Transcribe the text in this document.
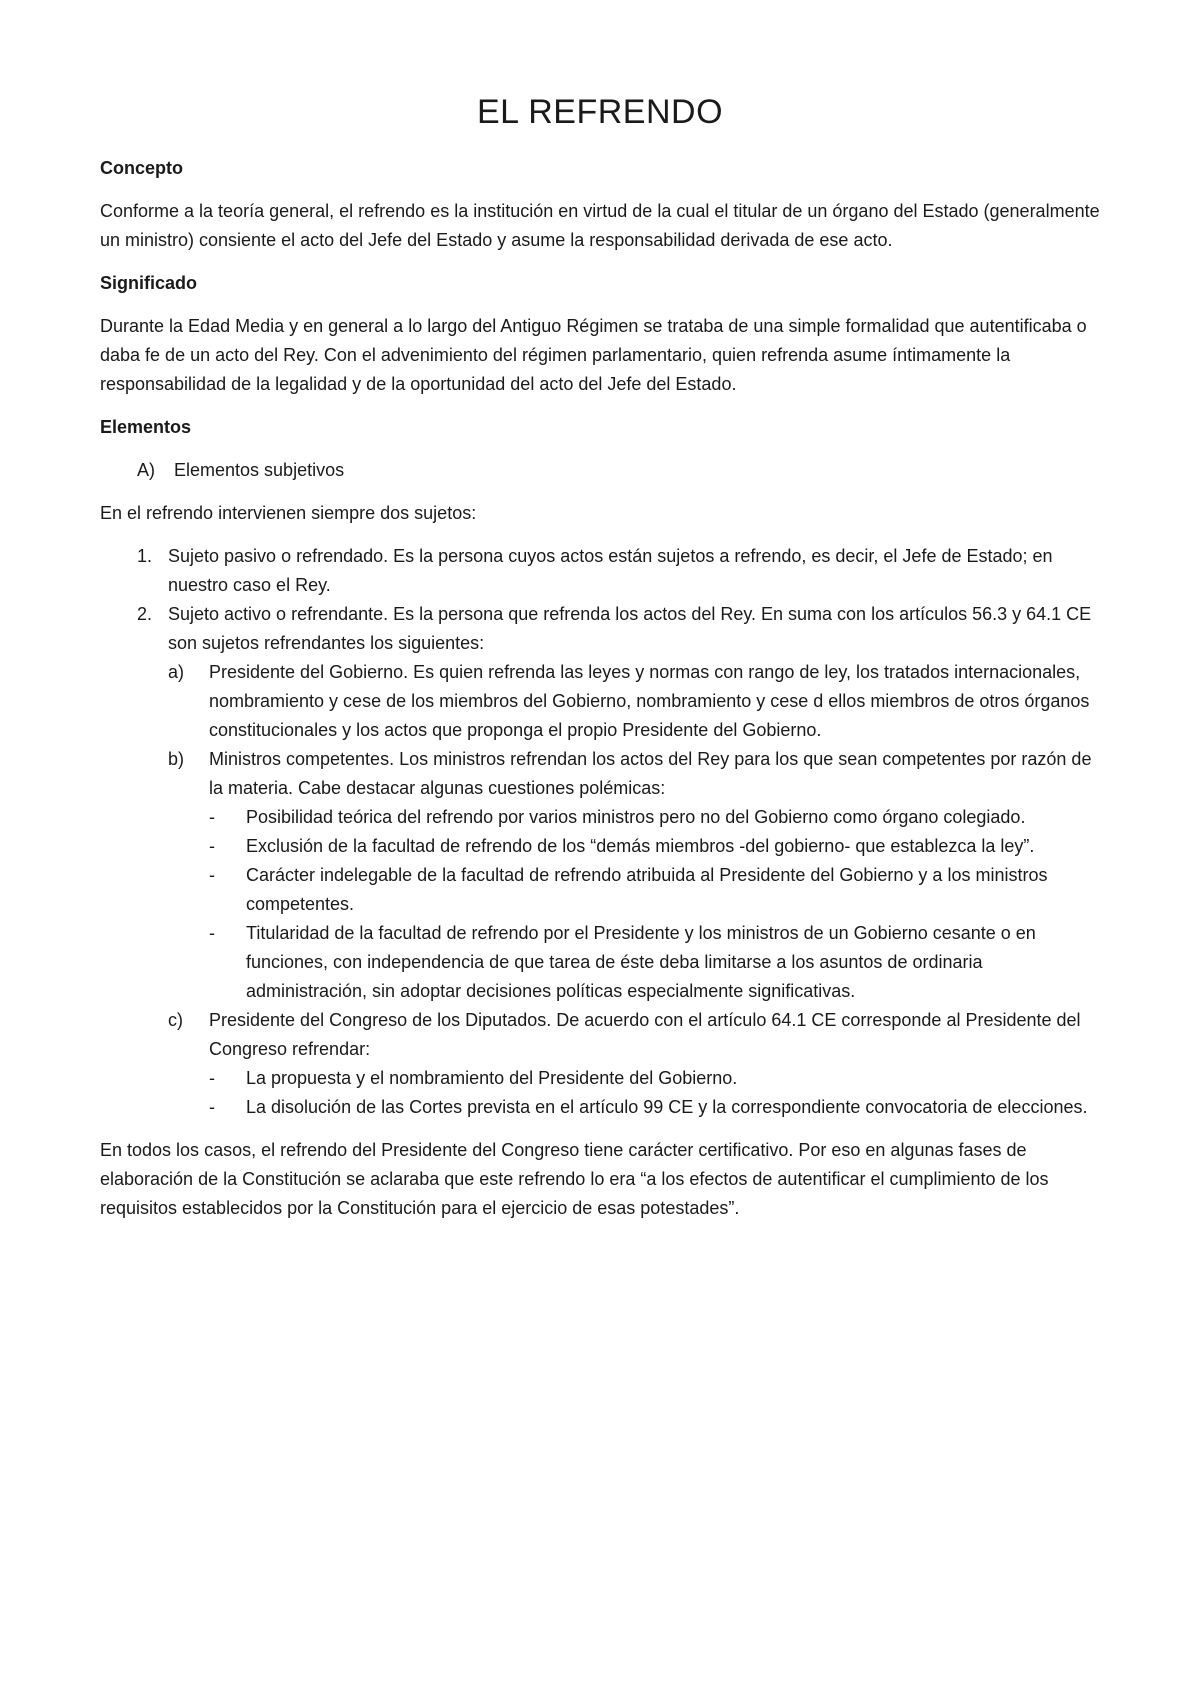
EL REFRENDO
Concepto

Conforme a la teoría general, el refrendo es la institución en virtud de la cual el titular de un órgano del Estado (generalmente un ministro) consiente el acto del Jefe del Estado y asume la responsabilidad derivada de ese acto.

Significado

Durante la Edad Media y en general a lo largo del Antiguo Régimen se trataba de una simple formalidad que autentificaba o daba fe de un acto del Rey. Con el advenimiento del régimen parlamentario, quien refrenda asume íntimamente la responsabilidad de la legalidad y de la oportunidad del acto del Jefe del Estado.

Elementos
A) Elementos subjetivos

En el refrendo intervienen siempre dos sujetos:

1. Sujeto pasivo o refrendado. Es la persona cuyos actos están sujetos a refrendo, es decir, el Jefe de Estado; en nuestro caso el Rey.
2. Sujeto activo o refrendante. Es la persona que refrenda los actos del Rey. En suma con los artículos 56.3 y 64.1 CE son sujetos refrendantes los siguientes:
a) Presidente del Gobierno. Es quien refrenda las leyes y normas con rango de ley, los tratados internacionales, nombramiento y cese de los miembros del Gobierno, nombramiento y cese d ellos miembros de otros órganos constitucionales y los actos que proponga el propio Presidente del Gobierno.
b) Ministros competentes. Los ministros refrendan los actos del Rey para los que sean competentes por razón de la materia. Cabe destacar algunas cuestiones polémicas:
- Posibilidad teórica del refrendo por varios ministros pero no del Gobierno como órgano colegiado.
- Exclusión de la facultad de refrendo de los “demás miembros -del gobierno- que establezca la ley”.
- Carácter indelegable de la facultad de refrendo atribuida al Presidente del Gobierno y a los ministros competentes.
- Titularidad de la facultad de refrendo por el Presidente y los ministros de un Gobierno cesante o en funciones, con independencia de que tarea de éste deba limitarse a los asuntos de ordinaria administración, sin adoptar decisiones políticas especialmente significativas.
c) Presidente del Congreso de los Diputados. De acuerdo con el artículo 64.1 CE corresponde al Presidente del Congreso refrendar:
- La propuesta y el nombramiento del Presidente del Gobierno.
- La disolución de las Cortes prevista en el artículo 99 CE y la correspondiente convocatoria de elecciones.

En todos los casos, el refrendo del Presidente del Congreso tiene carácter certificativo. Por eso en algunas fases de elaboración de la Constitución se aclaraba que este refrendo lo era “a los efectos de autentificar el cumplimiento de los requisitos establecidos por la Constitución para el ejercicio de esas potestades”.
